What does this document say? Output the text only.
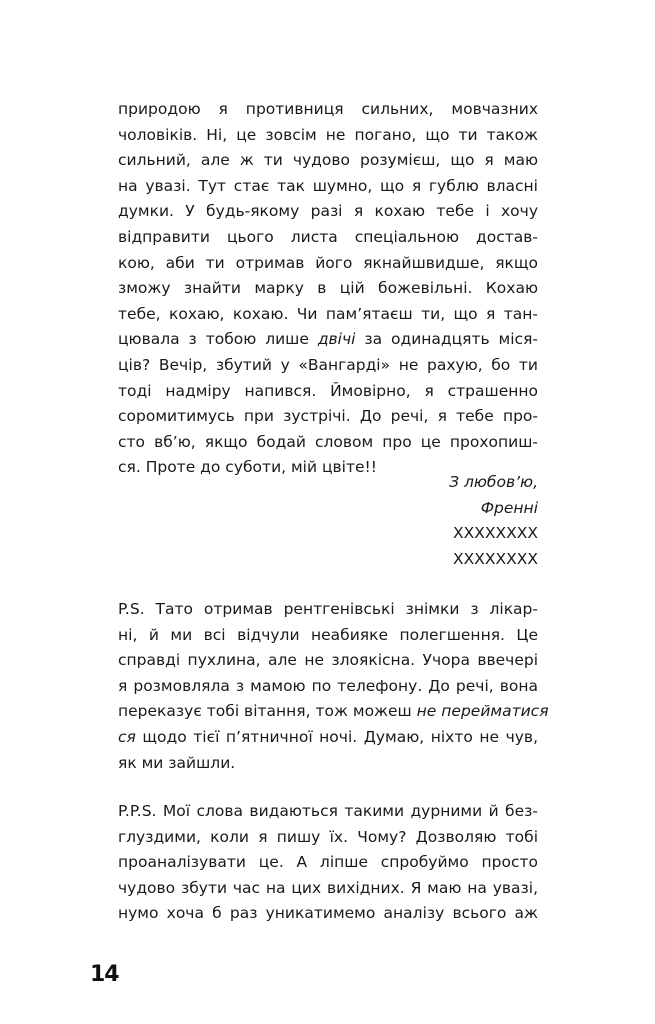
природою я противниця сильних, мовчазних
чоловіків. Ні, це зовсім не погано, що ти також
сильний, але ж ти чудово розумієш, що я маю
на увазі. Тут стає так шумно, що я гублю власні
думки. У будь-якому разі я кохаю тебе і хочу
відправити цього листа спеціальною достав-
кою, аби ти отримав його якнайшвидше, якщо
зможу знайти марку в цій божевільні. Кохаю
тебе, кохаю, кохаю. Чи пам’ятаєш ти, що я тан-
цювала з тобою лише двічі за одинадцять міся-
ців? Вечір, збутий у «Вангарді» не рахую, бо ти
тоді надміру напився. Ймовірно, я страшенно
соромитимусь при зустрічі. До речі, я тебе про-
сто вб’ю, якщо бодай словом про це прохопиш-
ся. Проте до суботи, мій цвіте!!
З любов’ю,
Френні
ХХХХХХХХ
ХХХХХХХХ
P.S. Тато отримав рентгенівські знімки з лікар-
ні, й ми всі відчули неабияке полегшення. Це
справді пухлина, але не злоякісна. Учора ввечері
я розмовляла з мамою по телефону. До речі, вона
переказує тобі вітання, тож можеш не перейматися
ся щодо тієї п’ятничної ночі. Думаю, ніхто не чув,
як ми зайшли.
P.P.S. Мої слова видаються такими дурними й без-
глуздими, коли я пишу їх. Чому? Дозволяю тобі
проаналізувати це. А ліпше спробуймо просто
чудово збути час на цих вихідних. Я маю на увазі,
нумо хоча б раз уникатимемо аналізу всього аж
14
